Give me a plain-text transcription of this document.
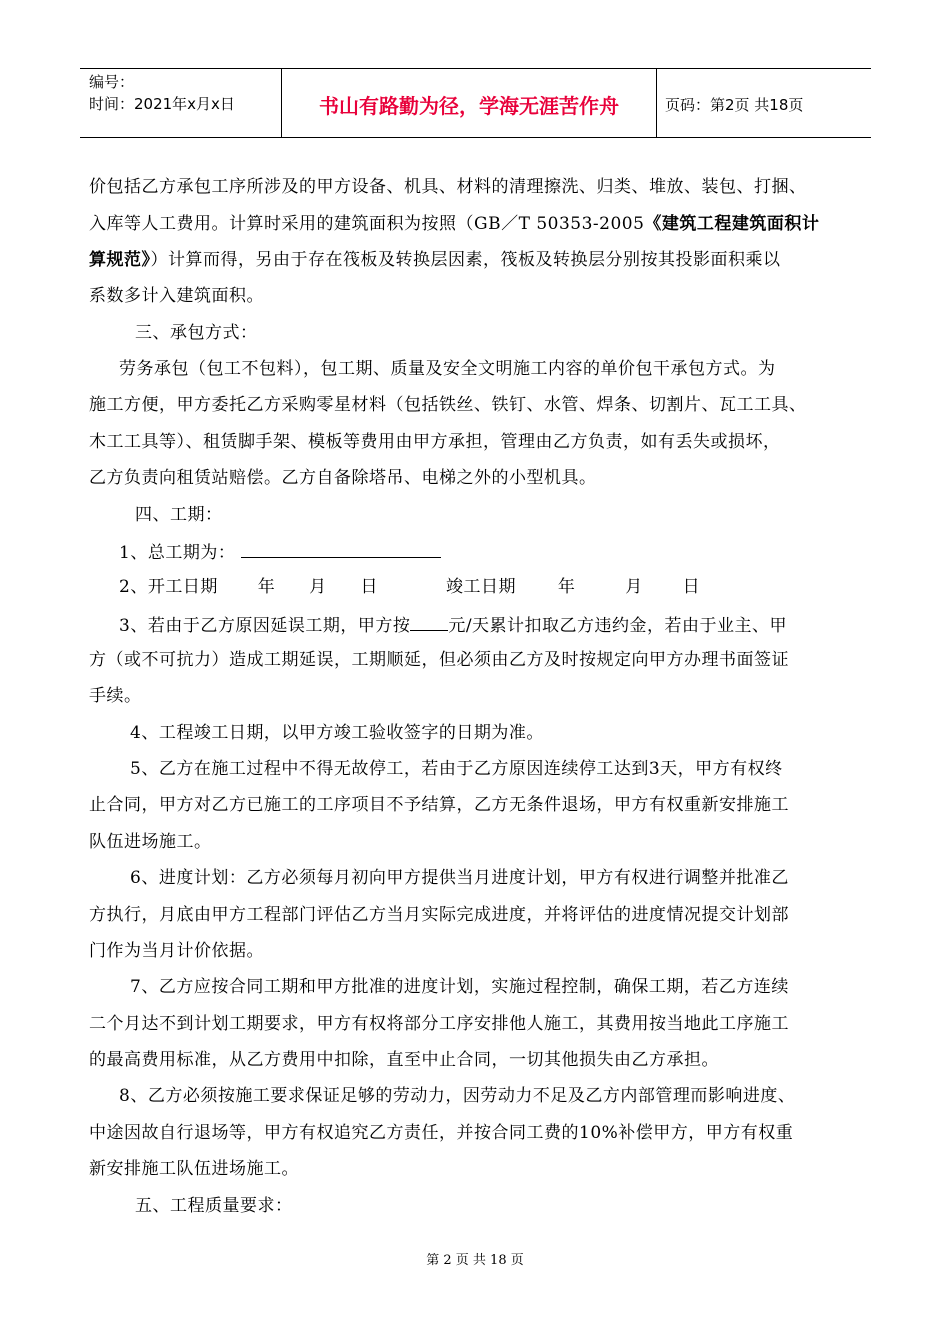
编号：
时间：2021年x月x日	书山有路勤为径，学海无涯苦作舟	页码：第2页 共18页
价包括乙方承包工序所涉及的甲方设备、机具、材料的清理擦洗、归类、堆放、装包、打捆、
入库等人工费用。计算时采用的建筑面积为按照（GB／T 50353-2005《建筑工程建筑面积计
算规范》）计算而得，另由于存在筏板及转换层因素，筏板及转换层分别按其投影面积乘以
系数多计入建筑面积。
三、承包方式：
劳务承包（包工不包料），包工期、质量及安全文明施工内容的单价包干承包方式。为
施工方便，甲方委托乙方采购零星材料（包括铁丝、铁钉、水管、焊条、切割片、瓦工工具、
木工工具等）、租赁脚手架、模板等费用由甲方承担，管理由乙方负责，如有丢失或损坏，
乙方负责向租赁站赔偿。乙方自备除塔吊、电梯之外的小型机具。
四、工期：
1、总工期为：
2、开工日期 年 月 日	竣工日期 年	月 日
3、若由于乙方原因延误工期，甲方按 元/天累计扣取乙方违约金，若由于业主、甲
方（或不可抗力）造成工期延误，工期顺延，但必须由乙方及时按规定向甲方办理书面签证
手续。
4、工程竣工日期，以甲方竣工验收签字的日期为准。
5、乙方在施工过程中不得无故停工，若由于乙方原因连续停工达到3天，甲方有权终
止合同，甲方对乙方已施工的工序项目不予结算，乙方无条件退场，甲方有权重新安排施工
队伍进场施工。
6、进度计划：乙方必须每月初向甲方提供当月进度计划，甲方有权进行调整并批准乙
方执行，月底由甲方工程部门评估乙方当月实际完成进度，并将评估的进度情况提交计划部
门作为当月计价依据。
7、乙方应按合同工期和甲方批准的进度计划，实施过程控制，确保工期，若乙方连续
二个月达不到计划工期要求，甲方有权将部分工序安排他人施工，其费用按当地此工序施工
的最高费用标准，从乙方费用中扣除，直至中止合同，一切其他损失由乙方承担。
8、乙方必须按施工要求保证足够的劳动力，因劳动力不足及乙方内部管理而影响进度、
中途因故自行退场等，甲方有权追究乙方责任，并按合同工费的10%补偿甲方，甲方有权重
新安排施工队伍进场施工。
五、工程质量要求：
第 2 页 共 18 页
